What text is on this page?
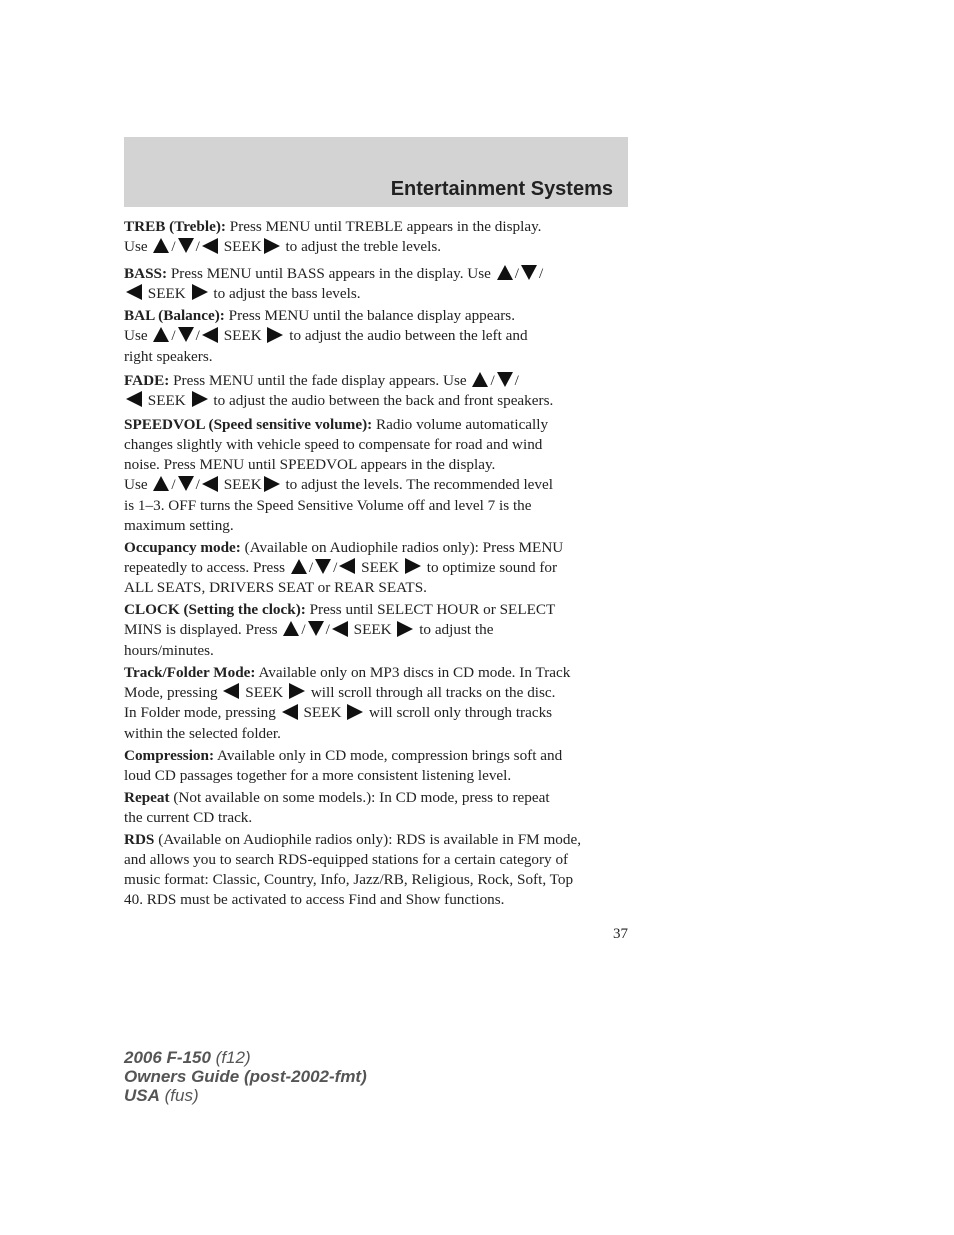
Entertainment Systems
TREB (Treble): Press MENU until TREBLE appears in the display.
Use / / SEEK to adjust the treble levels.
BASS: Press MENU until BASS appears in the display. Use / /
SEEK  to adjust the bass levels.
BAL (Balance): Press MENU until the balance display appears.
Use / / SEEK  to adjust the audio between the left and
right speakers.
FADE: Press MENU until the fade display appears. Use / /
SEEK  to adjust the audio between the back and front speakers.
SPEEDVOL (Speed sensitive volume): Radio volume automatically
changes slightly with vehicle speed to compensate for road and wind
noise. Press MENU until SPEEDVOL appears in the display.
Use / / SEEK to adjust the levels. The recommended level
is 1–3. OFF turns the Speed Sensitive Volume off and level 7 is the
maximum setting.
Occupancy mode: (Available on Audiophile radios only): Press MENU
repeatedly to access. Press / / SEEK  to optimize sound for
ALL SEATS, DRIVERS SEAT or REAR SEATS.
CLOCK (Setting the clock): Press until SELECT HOUR or SELECT
MINS is displayed. Press / / SEEK  to adjust the
hours/minutes.
Track/Folder Mode: Available only on MP3 discs in CD mode. In Track
Mode, pressing  SEEK  will scroll through all tracks on the disc.
In Folder mode, pressing  SEEK  will scroll only through tracks
within the selected folder.
Compression: Available only in CD mode, compression brings soft and
loud CD passages together for a more consistent listening level.
Repeat (Not available on some models.): In CD mode, press to repeat
the current CD track.
RDS (Available on Audiophile radios only): RDS is available in FM mode,
and allows you to search RDS-equipped stations for a certain category of
music format: Classic, Country, Info, Jazz/RB, Religious, Rock, Soft, Top
40. RDS must be activated to access Find and Show functions.
37
2006 F-150 (f12)
Owners Guide (post-2002-fmt)
USA (fus)
